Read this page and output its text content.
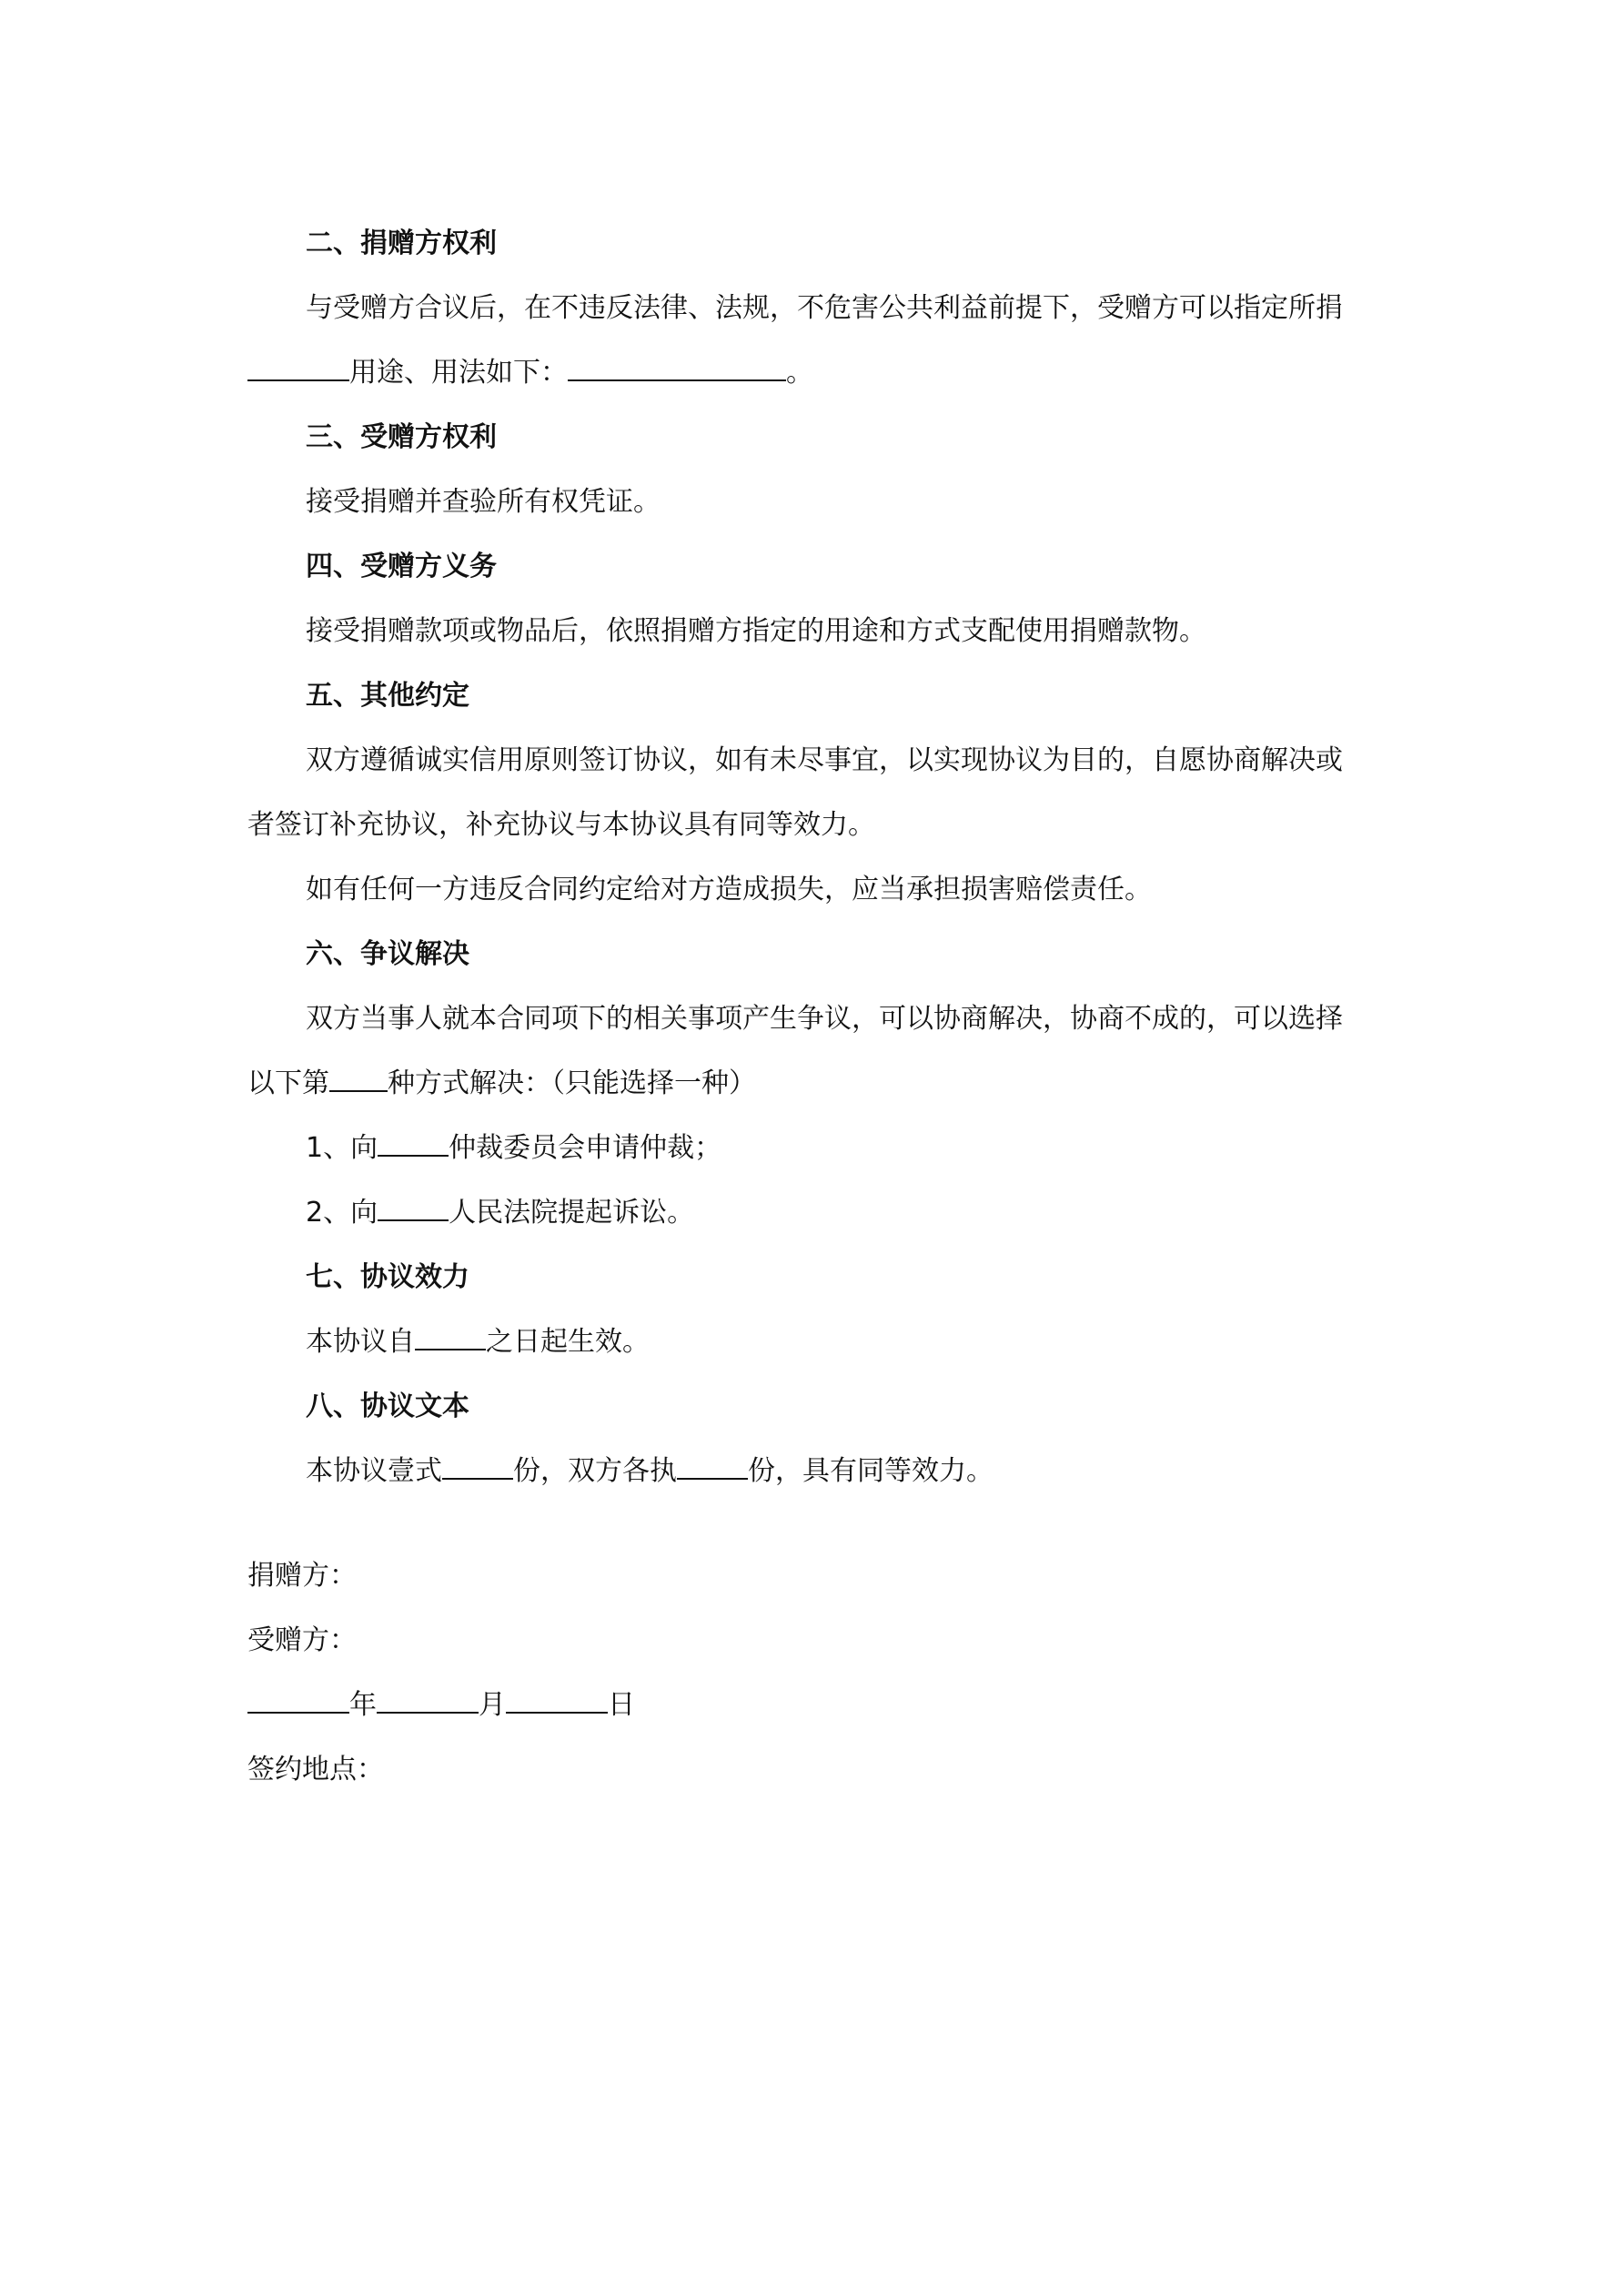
二、捐赠方权利
与受赠方合议后，在不违反法律、法规，不危害公共利益前提下，受赠方可以指定所捐
用途、用法如下：	。
三、受赠方权利
接受捐赠并查验所有权凭证。
四、受赠方义务
接受捐赠款项或物品后，依照捐赠方指定的用途和方式支配使用捐赠款物。
五、其他约定
双方遵循诚实信用原则签订协议，如有未尽事宜，以实现协议为目的，自愿协商解决或
者签订补充协议，补充协议与本协议具有同等效力。
如有任何一方违反合同约定给对方造成损失，应当承担损害赔偿责任。
六、争议解决
双方当事人就本合同项下的相关事项产生争议，可以协商解决，协商不成的，可以选择
以下第 种方式解决：（只能选择一种）
1、向	仲裁委员会申请仲裁；
2、向	人民法院提起诉讼。
七、协议效力
本协议自	之日起生效。
八、协议文本
本协议壹式	份，双方各执	份，具有同等效力。
捐赠方：
受赠方：
年	月	日
签约地点：
